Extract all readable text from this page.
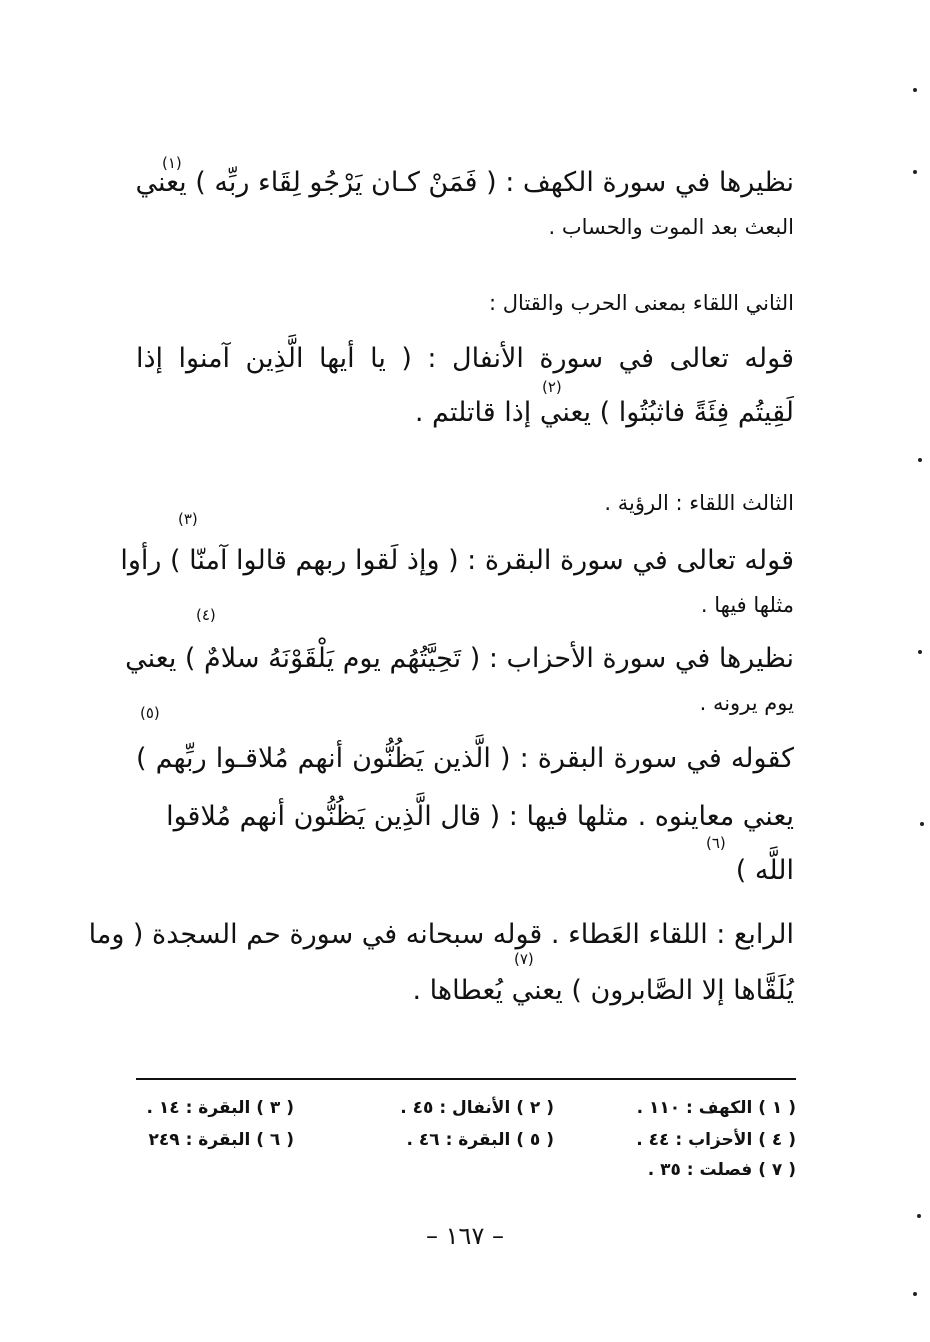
(١)
نظيرها في سورة الكهف : ( فَمَنْ كـان يَرْجُو لِقَاء ربِّه ) يعني
البعث بعد الموت والحساب .
الثاني اللقاء بمعنى الحرب والقتال :
قوله تعالى في سورة الأنفال : ( يا أيها الَّذِين آمنوا إذا
(٢)
لَقِيتُم فِئَةً فاثبُتُوا ) يعني إذا قاتلتم .
الثالث اللقاء : الرؤية .
(٣)
قوله تعالى في سورة البقرة : ( وإذ لَقوا ربهم قالوا آمنّا ) رأوا
مثلها فيها .
(٤)
نظيرها في سورة الأحزاب : ( تَحِيَّتُهُم يوم يَلْقَوْنَهُ سلامٌ ) يعني
يوم يرونه .
(٥)
كقوله في سورة البقرة : ( الَّذين يَظُنُّون أنهم مُلاقـوا ربِّهم )
يعني معاينوه . مثلها فيها : ( قال الَّذِين يَظُنُّون أنهم مُلاقوا
(٦)
اللَّه )
الرابع : اللقاء العَطاء . قوله سبحانه في سورة حم السجدة ( وما
(٧)
يُلَقَّاها إلا الصَّابرون ) يعني يُعطاها .
( ١ ) الكهف : ١١٠ .
( ٢ ) الأنفال : ٤٥ .
( ٣ ) البقرة : ١٤ .
( ٤ ) الأحزاب : ٤٤ .
( ٥ ) البقرة : ٤٦ .
( ٦ ) البقرة : ٢٤٩
( ٧ ) فصلت : ٣٥ .
– ١٦٧ –
